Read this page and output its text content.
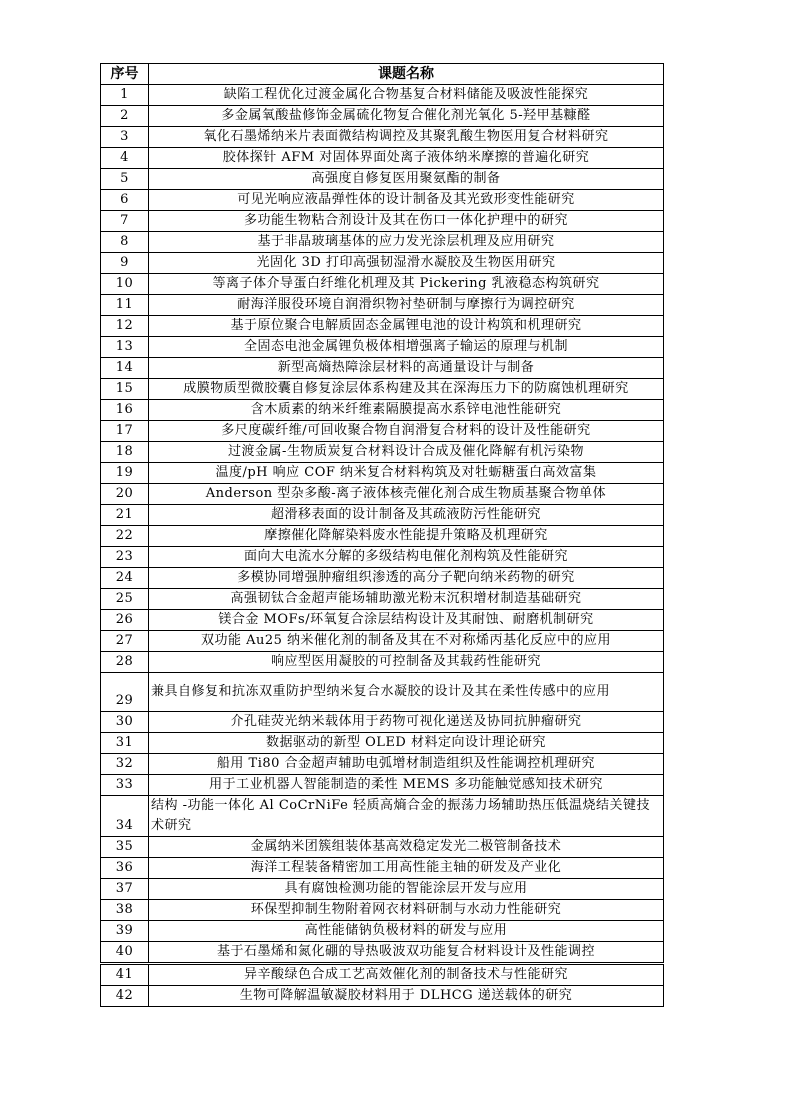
序号	课题名称
1	缺陷工程优化过渡金属化合物基复合材料储能及吸波性能探究
2	多金属氧酸盐修饰金属硫化物复合催化剂光氧化 5-羟甲基糠醛
3	氧化石墨烯纳米片表面微结构调控及其聚乳酸生物医用复合材料研究
4	胶体探针 AFM 对固体界面处离子液体纳米摩擦的普遍化研究
5	高强度自修复医用聚氨酯的制备
6	可见光响应液晶弹性体的设计制备及其光致形变性能研究
7	多功能生物粘合剂设计及其在伤口一体化护理中的研究
8	基于非晶玻璃基体的应力发光涂层机理及应用研究
9	光固化 3D 打印高强韧湿滑水凝胶及生物医用研究
10	等离子体介导蛋白纤维化机理及其 Pickering 乳液稳态构筑研究
11	耐海洋服役环境自润滑织物衬垫研制与摩擦行为调控研究
12	基于原位聚合电解质固态金属锂电池的设计构筑和机理研究
13	全固态电池金属锂负极体相增强离子输运的原理与机制
14	新型高熵热障涂层材料的高通量设计与制备
15	成膜物质型微胶囊自修复涂层体系构建及其在深海压力下的防腐蚀机理研究
16	含木质素的纳米纤维素隔膜提高水系锌电池性能研究
17	多尺度碳纤维/可回收聚合物自润滑复合材料的设计及性能研究
18	过渡金属-生物质炭复合材料设计合成及催化降解有机污染物
19	温度/pH 响应 COF 纳米复合材料构筑及对牡蛎糖蛋白高效富集
20	Anderson 型杂多酸-离子液体核壳催化剂合成生物质基聚合物单体
21	超滑移表面的设计制备及其疏液防污性能研究
22	摩擦催化降解染料废水性能提升策略及机理研究
23	面向大电流水分解的多级结构电催化剂构筑及性能研究
24	多模协同增强肿瘤组织渗透的高分子靶向纳米药物的研究
25	高强韧钛合金超声能场辅助激光粉末沉积增材制造基础研究
26	镁合金 MOFs/环氧复合涂层结构设计及其耐蚀、耐磨机制研究
27	双功能 Au25 纳米催化剂的制备及其在不对称烯丙基化反应中的应用
28	响应型医用凝胶的可控制备及其载药性能研究
29	兼具自修复和抗冻双重防护型纳米复合水凝胶的设计及其在柔性传感中的应用
30	介孔硅荧光纳米载体用于药物可视化递送及协同抗肿瘤研究
31	数据驱动的新型 OLED 材料定向设计理论研究
32	船用 Ti80 合金超声辅助电弧增材制造组织及性能调控机理研究
33	用于工业机器人智能制造的柔性 MEMS 多功能触觉感知技术研究
34	结构 -功能一体化 Al CoCrNiFe 轻质高熵合金的振荡力场辅助热压低温烧结关键技术研究
35	金属纳米团簇组装体基高效稳定发光二极管制备技术
36	海洋工程装备精密加工用高性能主轴的研发及产业化
37	具有腐蚀检测功能的智能涂层开发与应用
38	环保型抑制生物附着网衣材料研制与水动力性能研究
39	高性能储钠负极材料的研发与应用
40	基于石墨烯和氮化硼的导热吸波双功能复合材料设计及性能调控
41	异辛酸绿色合成工艺高效催化剂的制备技术与性能研究
42	生物可降解温敏凝胶材料用于 DLHCG 递送载体的研究
